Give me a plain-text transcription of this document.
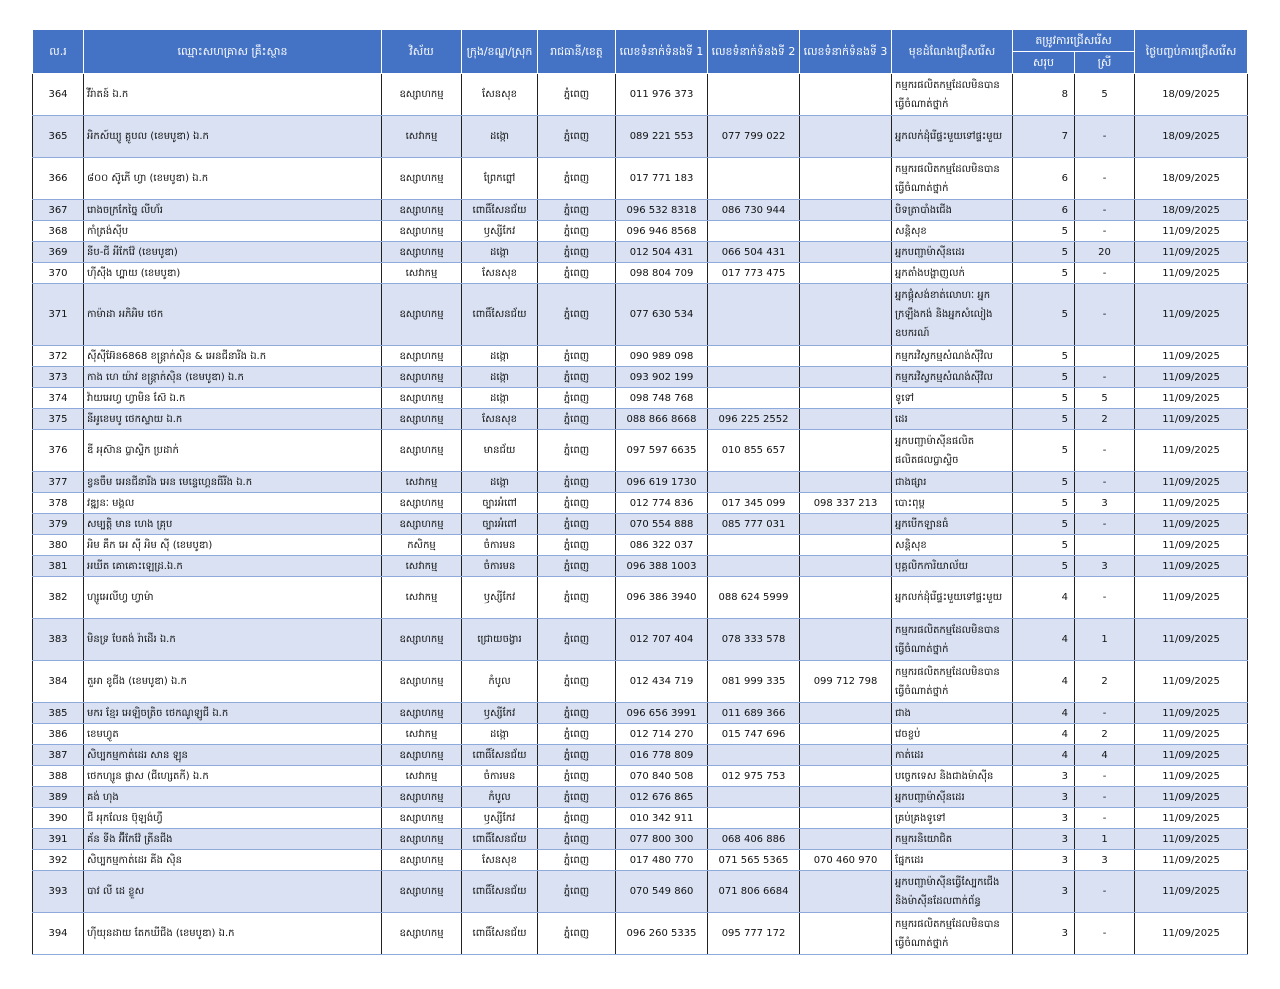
ល.រ	ឈ្មោះសហគ្រាស គ្រឹះស្ថាន	វិស័យ	ក្រុង/ខណ្ឌ/ស្រុក	រាជធានី/ខេត្ត	លេខទំនាក់ទំនងទី 1	លេខទំនាក់ទំនងទី 2	លេខទំនាក់ទំនងទី 3	មុខដំណែងជ្រើសរើស	តម្រូវការជ្រើសរើស		ថ្ងៃបញ្ចប់ការជ្រើសរើស
									សរុប	ស្រី	
364	វីរ៉ាតន៍ ឯ.ក	ឧស្សាហកម្ម	សែនសុខ	ភ្នំពេញ	011 976 373			កម្មករផលិតកម្មដែលមិនបានធ្វើចំណាត់ថ្នាក់	8	5	18/09/2025
365	អិកស៍ឃ្យូ គ្លូបល (ខេមបូឌា) ឯ.ក	សេវាកម្ម	ដង្កោ	ភ្នំពេញ	089 221 553	077 799 022		អ្នកលក់ដុំរើផ្ទះមួយទៅផ្ទះមួយ	7	-	18/09/2025
366	៨០០ ស៊ូភើ ហ្វា (ខេមបូឌា) ឯ.ក	ឧស្សាហកម្ម	ព្រែកព្នៅ	ភ្នំពេញ	017 771 183			កម្មករផលិតកម្មដែលមិនបានធ្វើចំណាត់ថ្នាក់	6	-	18/09/2025
367	រោងចក្រកែច្នៃ លីហ័រ	ឧស្សាហកម្ម	ពោធិ៍សែនជ័យ	ភ្នំពេញ	096 532 8318	086 730 944		បិទត្រាបាំងជើង	6	-	18/09/2025
368	កាំត្រង់ស៊ីប	ឧស្សាហកម្ម	ឫស្សីកែវ	ភ្នំពេញ	096 946 8568			សន្តិសុខ	5	-	11/09/2025
369	នីប-ជី អីកែវ៉ែ (ខេមបូឌា)	ឧស្សាហកម្ម	ដង្កោ	ភ្នំពេញ	012 504 431	066 504 431		អ្នកបញ្ជាម៉ាស៊ីនដេរ	5	20	11/09/2025
370	ហ៊ីស៊ីង ហ្គ្លាយ (ខេមបូឌា)	សេវាកម្ម	សែនសុខ	ភ្នំពេញ	098 804 709	017 773 475		អ្នកតាំងបង្ហាញលក់	5	-	11/09/2025
371	កាម៉ាដា អភិអិម ថេក	ឧស្សាហកម្ម	ពោធិ៍សែនជ័យ	ភ្នំពេញ	077 630 534			អ្នកផ្គុំសង់ខាត់លោហៈ អ្នកក្រឡឹងកង់ និងអ្នកសំលៀងឧបករណ៍	5	-	11/09/2025
372	ស៊ីស៊ីអ៊ែន6868 ខន្រ្តាក់ស៊ិន & អេនជីនារីង ឯ.ក	ឧស្សាហកម្ម	ដង្កោ	ភ្នំពេញ	090 989 098			កម្មករវិស្វកម្មសំណង់ស៊ីវិល	5		11/09/2025
373	កាង ហេ យ៉ាវ ខន្រ្តាក់ស៊ិន (ខេមបូឌា) ឯ.ក	ឧស្សាហកម្ម	ដង្កោ	ភ្នំពេញ	093 902 199			កម្មករវិស្វកម្មសំណង់ស៊ីវិល	5	-	11/09/2025
374	វ៉ាយអេហ្វ ហ្វាមិន ស៊ែ ឯ.ក	ឧស្សាហកម្ម	ដង្កោ	ភ្នំពេញ	098 748 768			ទូទៅ	5	5	11/09/2025
375	នីអូខេមបូ ថេកស្ទាយ ឯ.ក	ឧស្សាហកម្ម	សែនសុខ	ភ្នំពេញ	088 866 8668	096 225 2552		ដេរ	5	2	11/09/2025
376	ឌី អុស៊ាន ប្លាស្ទិក ប្រដាក់	ឧស្សាហកម្ម	មានជ័យ	ភ្នំពេញ	097 597 6635	010 855 657		អ្នកបញ្ជាម៉ាស៊ីនផលិតផលិតផលប្លាស្ទិច	5	-	11/09/2025
377	ខ្វនចឹម អេនជីនារីង អេន មេន្ទេហ្គេនធីរីង ឯ.ក	សេវាកម្ម	ដង្កោ	ភ្នំពេញ	096 619 1730			ជាងផ្សារ	5	-	11/09/2025
378	វឌ្ឍនៈ មង្គល	ឧស្សាហកម្ម	ច្បារអំពៅ	ភ្នំពេញ	012 774 836	017 345 099	098 337 213	បោះពុម្ព	5	3	11/09/2025
379	សម្បត្តិ មាន ហេង គ្រុប	ឧស្សាហកម្ម	ច្បារអំពៅ	ភ្នំពេញ	070 554 888	085 777 031		អ្នកបើកឡានធំ	5	-	11/09/2025
380	អិម គឹក អេ ស៊ី អិម ស៊ី (ខេមបូឌា)	កសិកម្ម	ចំការមន	ភ្នំពេញ	086 322 037			សន្តិសុខ	5		11/09/2025
381	អឃីត គោគោះឡេដ្រ.ឯ.ក	សេវាកម្ម	ចំការមន	ភ្នំពេញ	096 388 1003			បុគ្គលិកការិយាល័យ	5	3	11/09/2025
382	ហ្សូអេលីហ្វ ហ្វាម៉ា	សេវាកម្ម	ឫស្សីកែវ	ភ្នំពេញ	096 386 3940	088 624 5999		អ្នកលក់ដុំរើផ្ទះមួយទៅផ្ទះមួយ	4	-	11/09/2025
383	មិនទ្រ បែតង់ រ៉ាដើរ ឯ.ក	ឧស្សាហកម្ម	ជ្រោយចង្វារ	ភ្នំពេញ	012 707 404	078 333 578		កម្មករផលិតកម្មដែលមិនបានធ្វើចំណាត់ថ្នាក់	4	1	11/09/2025
384	តួអា ខូជីង (ខេមបូឌា) ឯ.ក	ឧស្សាហកម្ម	កំបូល	ភ្នំពេញ	012 434 719	081 999 335	099 712 798	កម្មករផលិតកម្មដែលមិនបានធ្វើចំណាត់ថ្នាក់	4	2	11/09/2025
385	មករ ខ្មែរ អេឡិចត្រិច ថេកណូឡូជី ឯ.ក	ឧស្សាហកម្ម	ឫស្សីកែវ	ភ្នំពេញ	096 656 3991	011 689 366		ជាង	4	-	11/09/2025
386	ខេមហ្វូត	សេវាកម្ម	ដង្កោ	ភ្នំពេញ	012 714 270	015 747 696		វេចខ្ចប់	4	2	11/09/2025
387	សិប្បកម្មកាត់ដេរ សាន ឡុន	ឧស្សាហកម្ម	ពោធិ៍សែនជ័យ	ភ្នំពេញ	016 778 809			កាត់ដេរ	4	4	11/09/2025
388	ថេកហ្សូន ផ្លាស (ជីហ្សេតកី) ឯ.ក	សេវាកម្ម	ចំការមន	ភ្នំពេញ	070 840 508	012 975 753		បច្ចេកទេស និងជាងម៉ាស៊ីន	3	-	11/09/2025
389	គង់ ហុង	ឧស្សាហកម្ម	កំបូល	ភ្នំពេញ	012 676 865			អ្នកបញ្ជាម៉ាស៊ីនដេរ	3	-	11/09/2025
390	ជី អុកលែន ប៊ុឡង់ហ្វឺ	ឧស្សាហកម្ម	ឫស្សីកែវ	ភ្នំពេញ	010 342 911			គ្រប់គ្រងទូទៅ	3	-	11/09/2025
391	គ័ន ទីង អ៊ីកែវ៉ែ ត្រីនជីង	ឧស្សាហកម្ម	ពោធិ៍សែនជ័យ	ភ្នំពេញ	077 800 300	068 406 886		កម្មករនិយោជិត	3	1	11/09/2025
392	សិប្បកម្មកាត់ដេរ គីង ស៊ិន	ឧស្សាហកម្ម	សែនសុខ	ភ្នំពេញ	017 480 770	071 565 5365	070 460 970	ផ្នែកដេរ	3	3	11/09/2025
393	បាវ លី ដេ ខ្លួស	ឧស្សាហកម្ម	ពោធិ៍សែនជ័យ	ភ្នំពេញ	070 549 860	071 806 6684		អ្នកបញ្ជាម៉ាស៊ីនធ្វើស្បែកជើង និងម៉ាស៊ីនដែលពាក់ព័ន្ធ	3	-	11/09/2025
394	ហ៊ីយុនដាយ តែកឃីជីង (ខេមបូឌា) ឯ.ក	ឧស្សាហកម្ម	ពោធិ៍សែនជ័យ	ភ្នំពេញ	096 260 5335	095 777 172		កម្មករផលិតកម្មដែលមិនបានធ្វើចំណាត់ថ្នាក់	3	-	11/09/2025
